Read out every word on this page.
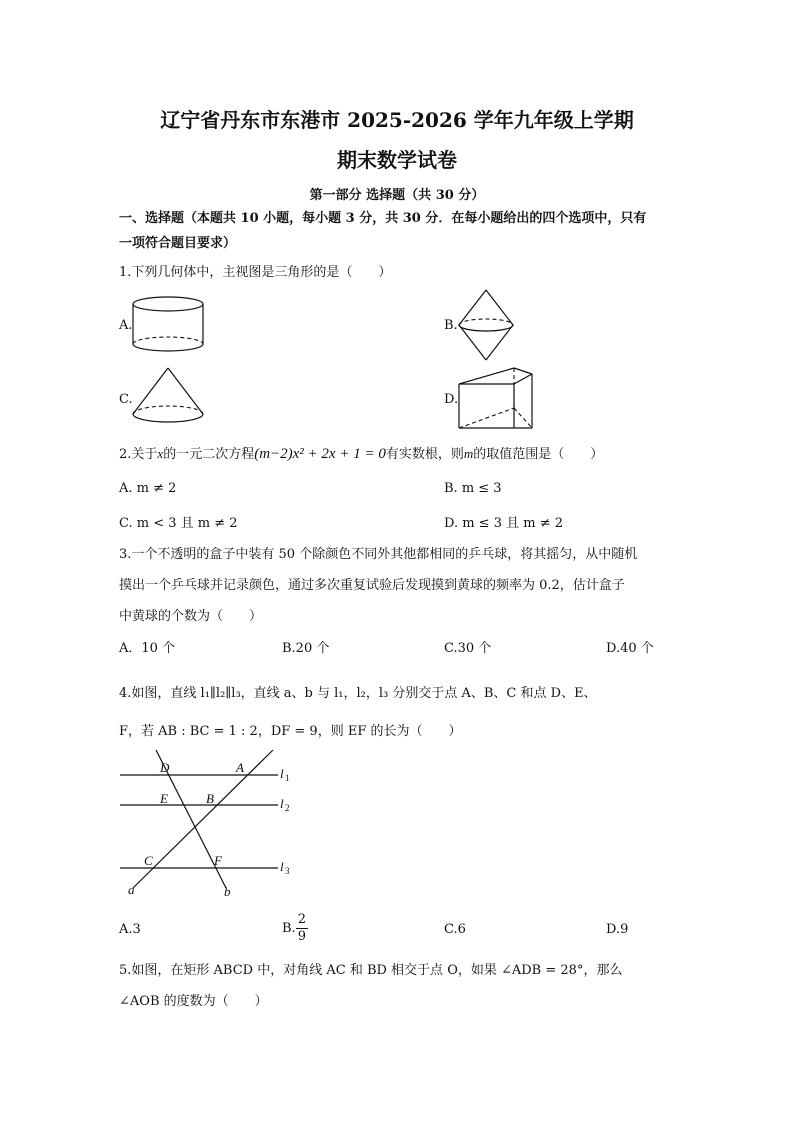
辽宁省丹东市东港市 2025-2026 学年九年级上学期
期末数学试卷
第一部分 选择题（共 30 分）
一、选择题（本题共 10 小题，每小题 3 分，共 30 分．在每小题给出的四个选项中，只有
一项符合题目要求）
1.下列几何体中，主视图是三角形的是（　　）
A.	B.
C.	D.
2.关于x的一元二次方程(m−2)x² + 2x + 1 = 0有实数根，则m的取值范围是（　　）
A. m ≠ 2	B. m ≤ 3
C. m < 3 且 m ≠ 2	D. m ≤ 3 且 m ≠ 2
3.一个不透明的盒子中装有 50 个除颜色不同外其他都相同的乒乓球，将其摇匀，从中随机
摸出一个乒乓球并记录颜色，通过多次重复试验后发现摸到黄球的频率为 0.2，估计盒子
中黄球的个数为（　　）
A．10 个	B.20 个	C.30 个	D.40 个
4.如图，直线 l₁∥l₂∥l₃，直线 a、b 与 l₁，l₂，l₃ 分别交于点 A、B、C 和点 D、E、
F，若 AB : BC = 1 : 2，DF = 9，则 EF 的长为（　　）
D	A
E	B
C	F
a	b
l 1
l 2
l 3
A.3	B. $\frac{2}{9}$	C.6	D.9
5.如图，在矩形 ABCD 中，对角线 AC 和 BD 相交于点 O，如果 ∠ADB = 28°，那么
∠AOB 的度数为（　　）
